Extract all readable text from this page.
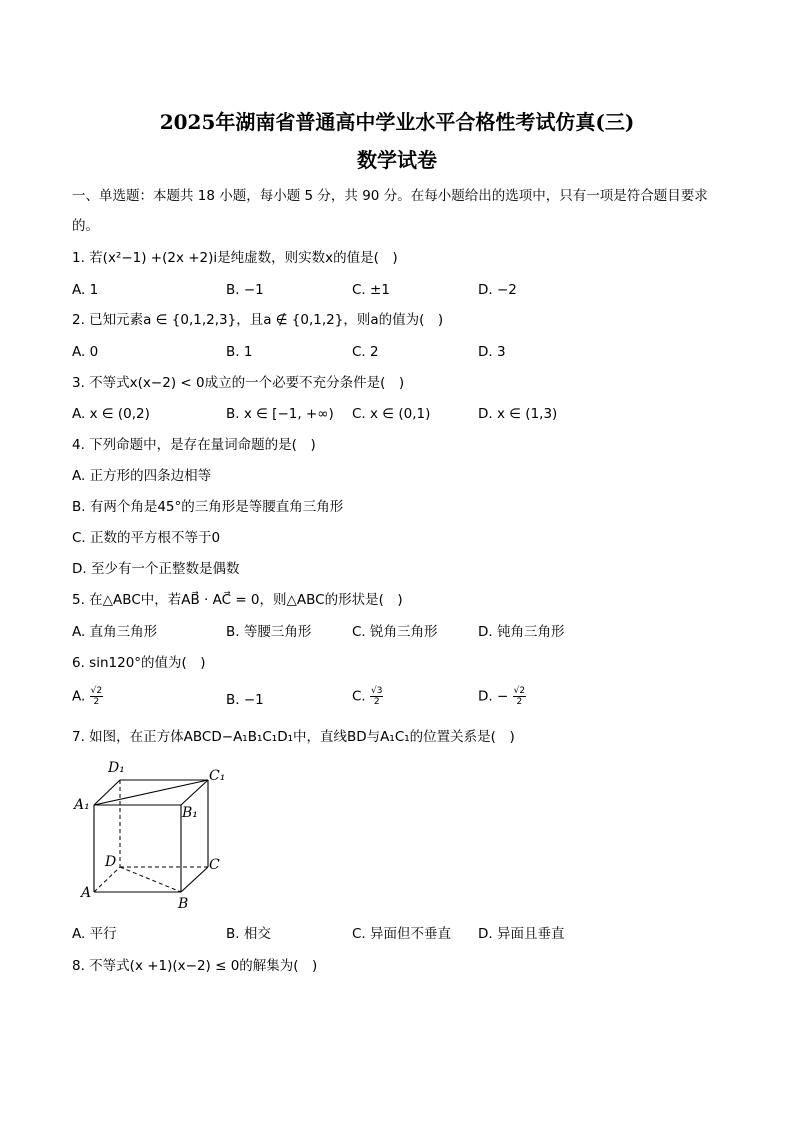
2025年湖南省普通高中学业水平合格性考试仿真(三)
数学试卷
一、单选题：本题共 18 小题，每小题 5 分，共 90 分。在每小题给出的选项中，只有一项是符合题目要求
的。
1. 若(x²−1) +(2x +2)i是纯虚数，则实数x的值是(　)
A. 1	B. −1	C. ±1	D. −2
2. 已知元素a ∈ {0,1,2,3}，且a ∉ {0,1,2}，则a的值为(　)
A. 0	B. 1	C. 2	D. 3
3. 不等式x(x−2) < 0成立的一个必要不充分条件是(　)
A. x ∈ (0,2)	B. x ∈ [−1, +∞) C. x ∈ (0,1)	D. x ∈ (1,3)
4. 下列命题中，是存在量词命题的是(　)
A. 正方形的四条边相等
B. 有两个角是45°的三角形是等腰直角三角形
C. 正数的平方根不等于0
D. 至少有一个正整数是偶数
5. 在△ABC中，若AB⃗ · AC⃗ = 0，则△ABC的形状是(　)
A. 直角三角形	B. 等腰三角形	C. 锐角三角形	D. 钝角三角形
6. sin120°的值为(　)
A. $\frac{√2}{2}$	B. −1	C. $\frac{√3}{2}$	D. − $\frac{√2}{2}$
7. 如图，在正方体ABCD−A₁B₁C₁D₁中，直线BD与A₁C₁的位置关系是(　)
D₁	C₁
A₁	B₁
D	C
A
B
A. 平行	B. 相交	C. 异面但不垂直 D. 异面且垂直
8. 不等式(x +1)(x−2) ≤ 0的解集为(　)
